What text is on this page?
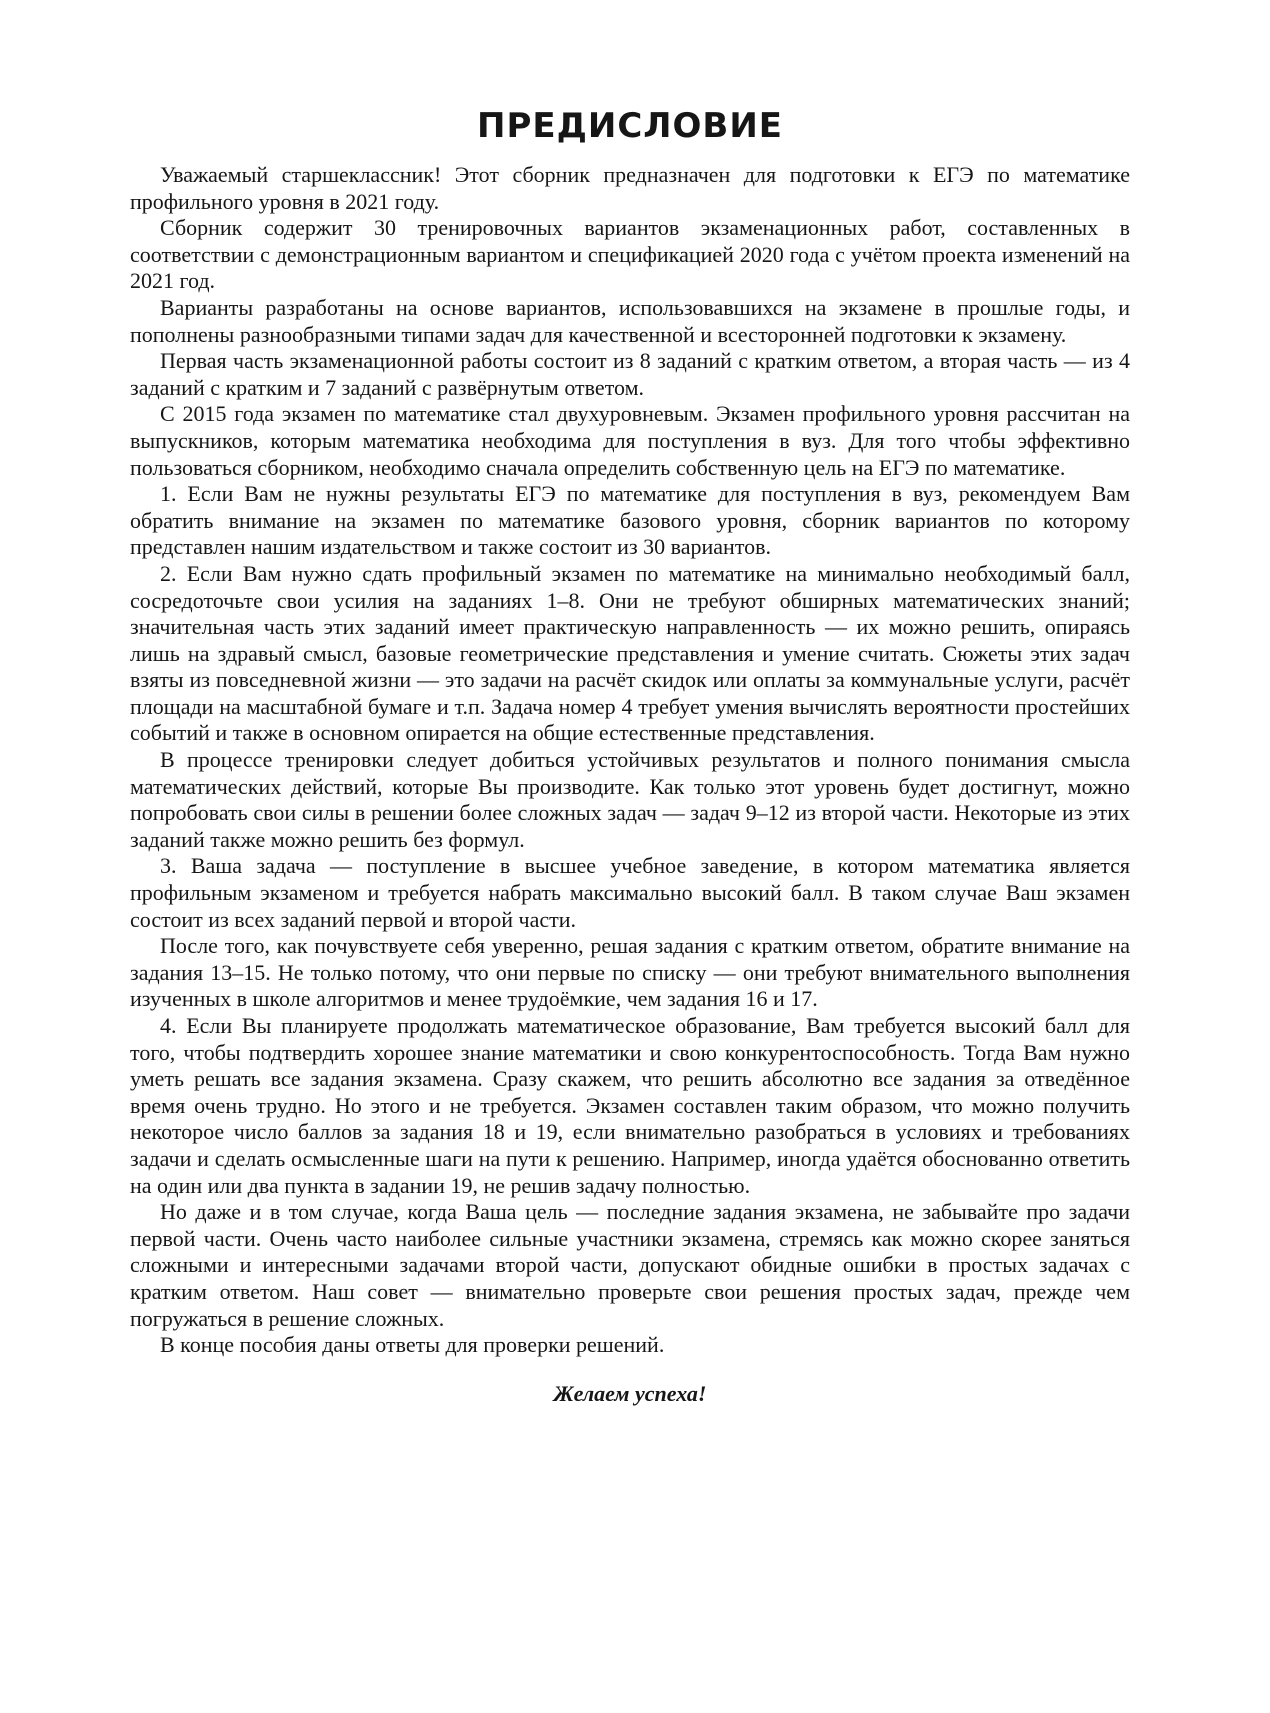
ПРЕДИСЛОВИЕ

Уважаемый старшеклассник! Этот сборник предназначен для подготовки к ЕГЭ по математике профильного уровня в 2021 году.

Сборник содержит 30 тренировочных вариантов экзаменационных работ, составленных в соответствии с демонстрационным вариантом и спецификацией 2020 года с учётом проекта изменений на 2021 год.

Варианты разработаны на основе вариантов, использовавшихся на экзамене в прошлые годы, и пополнены разнообразными типами задач для качественной и всесторонней подготовки к экзамену.

Первая часть экзаменационной работы состоит из 8 заданий с кратким ответом, а вторая часть — из 4 заданий с кратким и 7 заданий с развёрнутым ответом.

С 2015 года экзамен по математике стал двухуровневым. Экзамен профильного уровня рассчитан на выпускников, которым математика необходима для поступления в вуз. Для того чтобы эффективно пользоваться сборником, необходимо сначала определить собственную цель на ЕГЭ по математике.

1. Если Вам не нужны результаты ЕГЭ по математике для поступления в вуз, рекомендуем Вам обратить внимание на экзамен по математике базового уровня, сборник вариантов по которому представлен нашим издательством и также состоит из 30 вариантов.

2. Если Вам нужно сдать профильный экзамен по математике на минимально необходимый балл, сосредоточьте свои усилия на заданиях 1–8. Они не требуют обширных математических знаний; значительная часть этих заданий имеет практическую направленность — их можно решить, опираясь лишь на здравый смысл, базовые геометрические представления и умение считать. Сюжеты этих задач взяты из повседневной жизни — это задачи на расчёт скидок или оплаты за коммунальные услуги, расчёт площади на масштабной бумаге и т.п. Задача номер 4 требует умения вычислять вероятности простейших событий и также в основном опирается на общие естественные представления.

В процессе тренировки следует добиться устойчивых результатов и полного понимания смысла математических действий, которые Вы производите. Как только этот уровень будет достигнут, можно попробовать свои силы в решении более сложных задач — задач 9–12 из второй части. Некоторые из этих заданий также можно решить без формул.

3. Ваша задача — поступление в высшее учебное заведение, в котором математика является профильным экзаменом и требуется набрать максимально высокий балл. В таком случае Ваш экзамен состоит из всех заданий первой и второй части.

После того, как почувствуете себя уверенно, решая задания с кратким ответом, обратите внимание на задания 13–15. Не только потому, что они первые по списку — они требуют внимательного выполнения изученных в школе алгоритмов и менее трудоёмкие, чем задания 16 и 17.

4. Если Вы планируете продолжать математическое образование, Вам требуется высокий балл для того, чтобы подтвердить хорошее знание математики и свою конкурентоспособность. Тогда Вам нужно уметь решать все задания экзамена. Сразу скажем, что решить абсолютно все задания за отведённое время очень трудно. Но этого и не требуется. Экзамен составлен таким образом, что можно получить некоторое число баллов за задания 18 и 19, если внимательно разобраться в условиях и требованиях задачи и сделать осмысленные шаги на пути к решению. Например, иногда удаётся обоснованно ответить на один или два пункта в задании 19, не решив задачу полностью.

Но даже и в том случае, когда Ваша цель — последние задания экзамена, не забывайте про задачи первой части. Очень часто наиболее сильные участники экзамена, стремясь как можно скорее заняться сложными и интересными задачами второй части, допускают обидные ошибки в простых задачах с кратким ответом. Наш совет — внимательно проверьте свои решения простых задач, прежде чем погружаться в решение сложных.

В конце пособия даны ответы для проверки решений.

Желаем успеха!
